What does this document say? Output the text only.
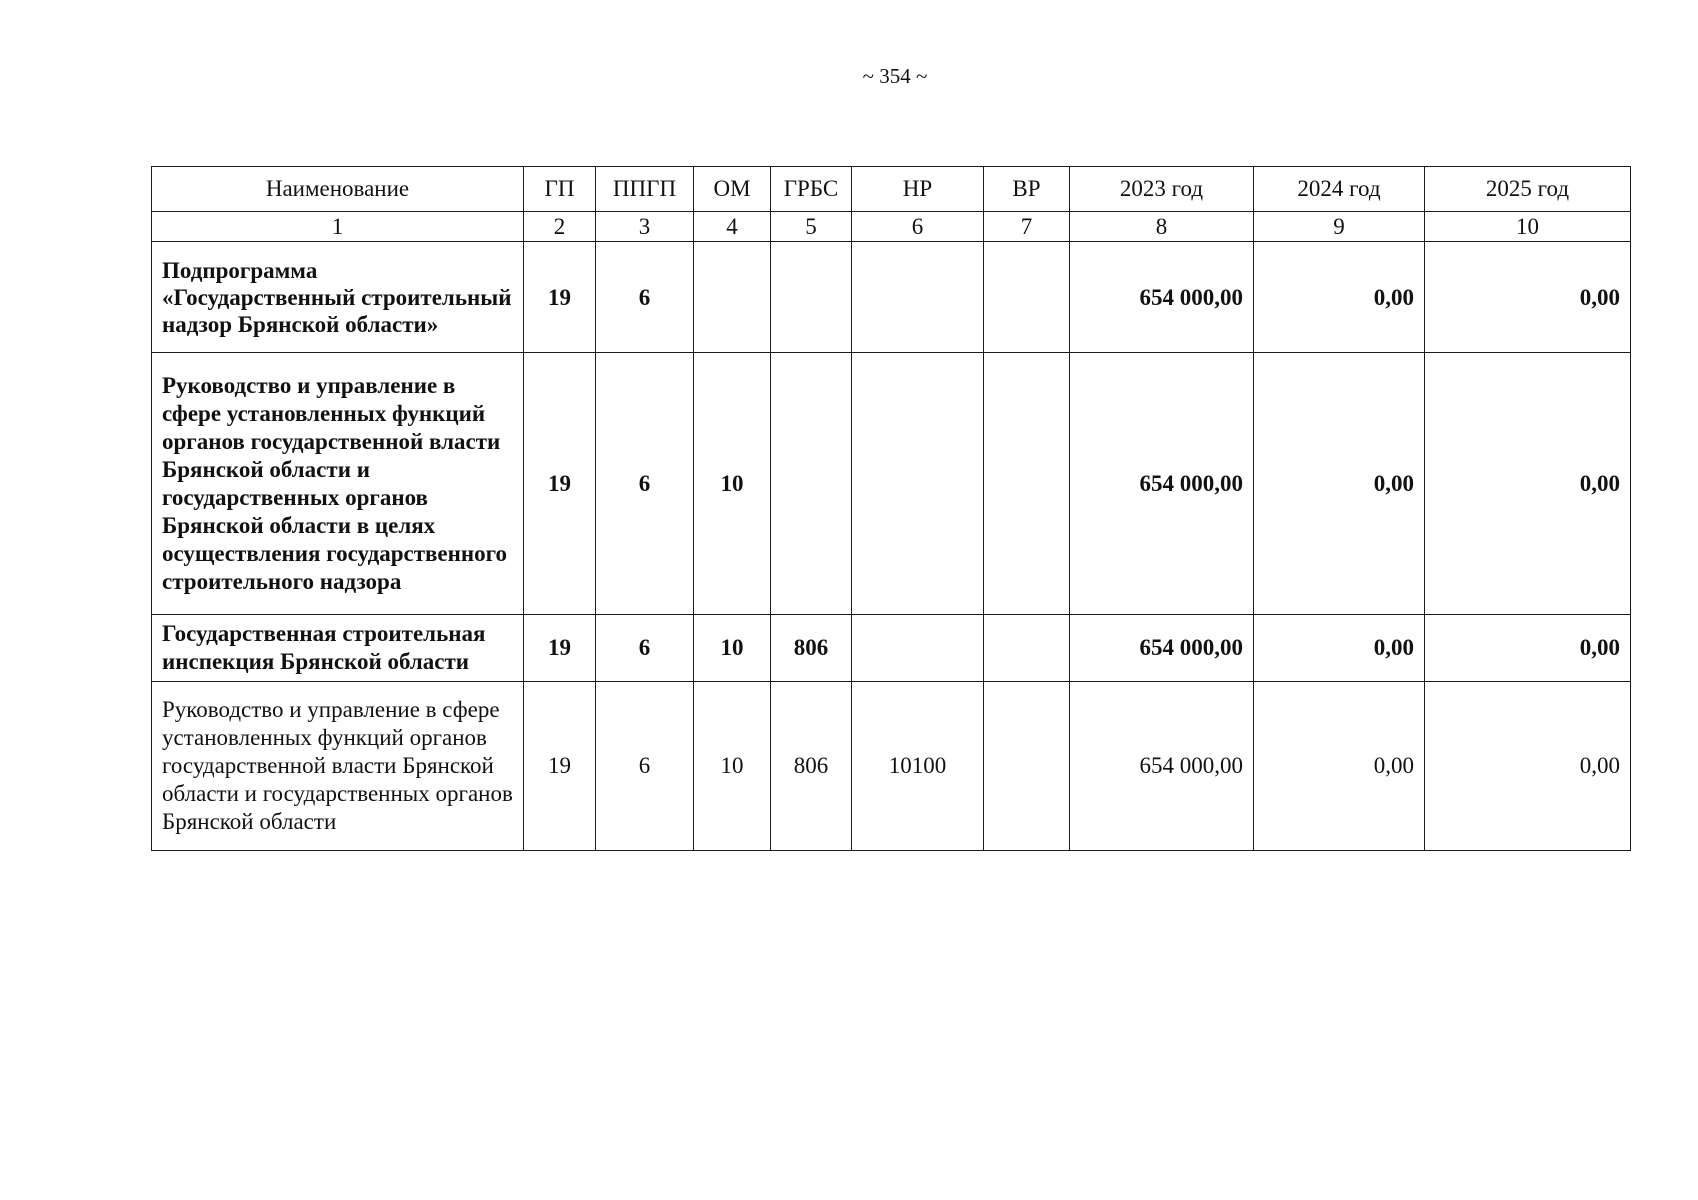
~ 354 ~
Наименование	ГП	ППГП	ОМ	ГРБС	НР	ВР	2023 год	2024 год	2025 год
1	2	3	4	5	6	7	8	9	10
Подпрограмма «Государственный строительный надзор Брянской области»	19	6					654 000,00	0,00	0,00
Руководство и управление в сфере установленных функций органов государственной власти Брянской области и государственных органов Брянской области в целях осуществления государственного строительного надзора	19	6	10				654 000,00	0,00	0,00
Государственная строительная инспекция Брянской области	19	6	10	806			654 000,00	0,00	0,00
Руководство и управление в сфере установленных функций органов государственной власти Брянской области и государственных органов Брянской области	19	6	10	806	10100		654 000,00	0,00	0,00
